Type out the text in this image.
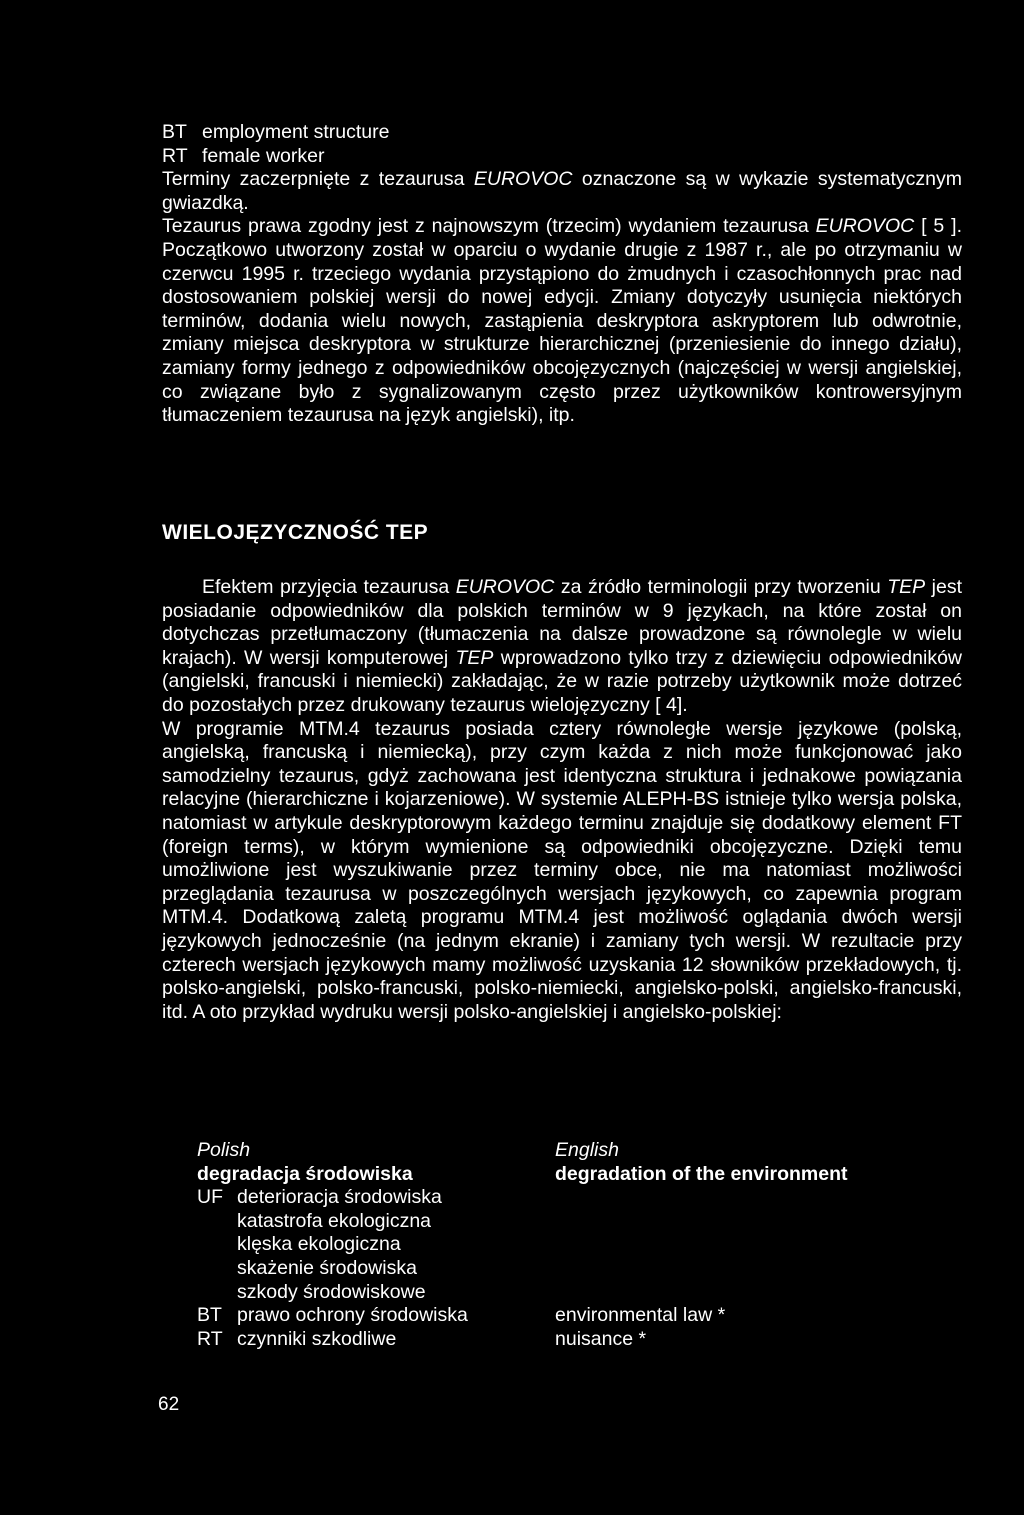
BT employment structure
RT female worker

Terminy zaczerpnięte z tezaurusa EUROVOC oznaczone są w wykazie systematycznym gwiazdką.

Tezaurus prawa zgodny jest z najnowszym (trzecim) wydaniem tezaurusa EUROVOC [ 5 ]. Początkowo utworzony został w oparciu o wydanie drugie z 1987 r., ale po otrzymaniu w czerwcu 1995 r. trzeciego wydania przystąpiono do żmudnych i czasochłonnych prac nad dostosowaniem polskiej wersji do nowej edycji. Zmiany dotyczyły usunięcia niektórych terminów, dodania wielu nowych, zastąpienia deskryptora askryptorem lub odwrotnie, zmiany miejsca deskryptora w strukturze hierarchicznej (przeniesienie do innego działu), zamiany formy jednego z odpowiedników obcojęzycznych (najczęściej w wersji angielskiej, co związane było z sygnalizowanym często przez użytkowników kontrowersyjnym tłumaczeniem tezaurusa na język angielski), itp.

WIELOJĘZYCZNOŚĆ TEP

Efektem przyjęcia tezaurusa EUROVOC za źródło terminologii przy tworzeniu TEP jest posiadanie odpowiedników dla polskich terminów w 9 językach, na które został on dotychczas przetłumaczony (tłumaczenia na dalsze prowadzone są równolegle w wielu krajach). W wersji komputerowej TEP wprowadzono tylko trzy z dziewięciu odpowiedników (angielski, francuski i niemiecki) zakładając, że w razie potrzeby użytkownik może dotrzeć do pozostałych przez drukowany tezaurus wielojęzyczny [ 4].

W programie MTM.4 tezaurus posiada cztery równoległe wersje językowe (polską, angielską, francuską i niemiecką), przy czym każda z nich może funkcjonować jako samodzielny tezaurus, gdyż zachowana jest identyczna struktura i jednakowe powiązania relacyjne (hierarchiczne i kojarzeniowe). W systemie ALEPH-BS istnieje tylko wersja polska, natomiast w artykule deskryptorowym każdego terminu znajduje się dodatkowy element FT (foreign terms), w którym wymienione są odpowiedniki obcojęzyczne. Dzięki temu umożliwione jest wyszukiwanie przez terminy obce, nie ma natomiast możliwości przeglądania tezaurusa w poszczególnych wersjach językowych, co zapewnia program MTM.4. Dodatkową zaletą programu MTM.4 jest możliwość oglądania dwóch wersji językowych jednocześnie (na jednym ekranie) i zamiany tych wersji. W rezultacie przy czterech wersjach językowych mamy możliwość uzyskania 12 słowników przekładowych, tj. polsko-angielski, polsko-francuski, polsko-niemiecki, angielsko-polski, angielsko-francuski, itd. A oto przykład wydruku wersji polsko-angielskiej i angielsko-polskiej:

Polish	English
degradacja środowiska	degradation of the environment
UF deterioracja środowiska
katastrofa ekologiczna
klęska ekologiczna
skażenie środowiska
szkody środowiskowe
BT prawo ochrony środowiska	environmental law *
RT czynniki szkodliwe	nuisance *
62
